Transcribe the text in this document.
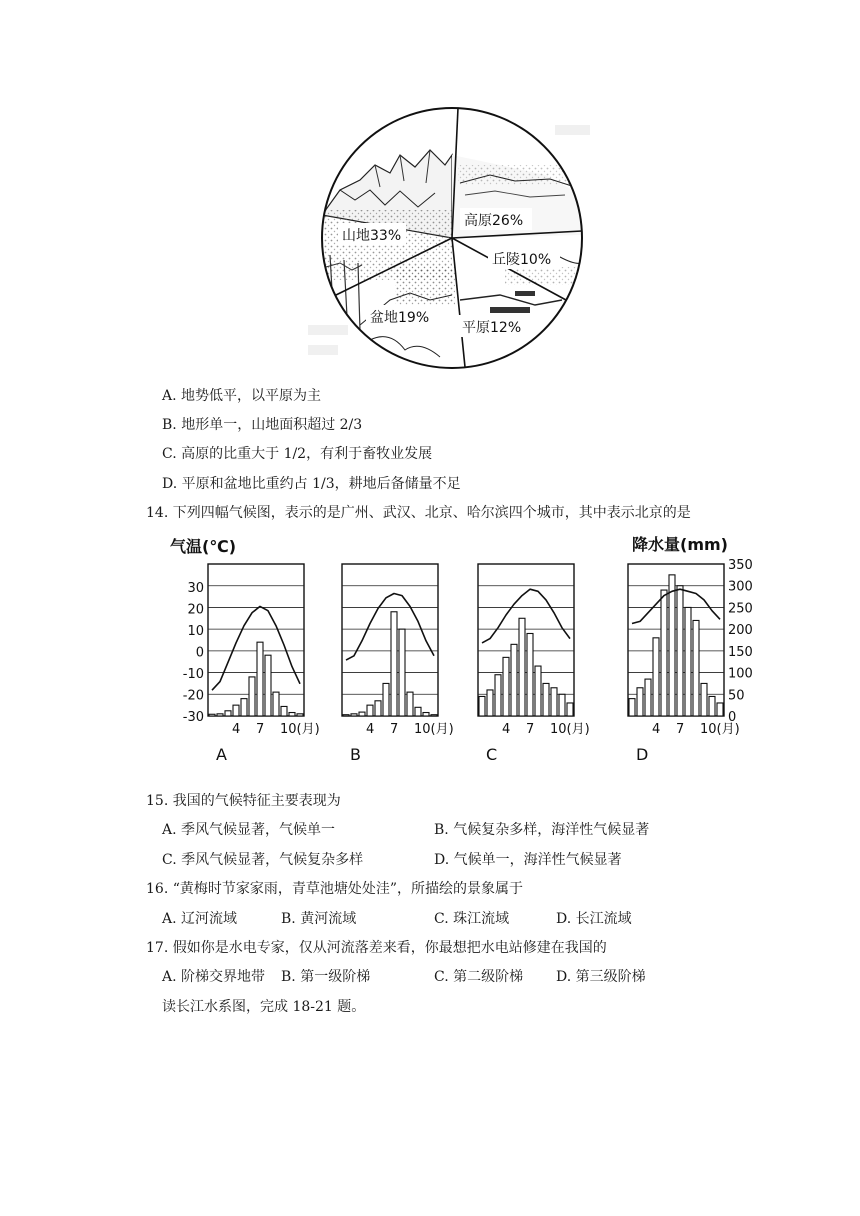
山地33%
高原26%
丘陵10%
平原12%
盆地19%
A. 地势低平，以平原为主
B. 地形单一，山地面积超过 2/3
C. 高原的比重大于 1/2，有利于畜牧业发展
D. 平原和盆地比重约占 1/3，耕地后备储量不足
14. 下列四幅气候图，表示的是广州、武汉、北京、哈尔滨四个城市，其中表示北京的是
气温(℃)	降水量(mm)
30
20
10
0
-10
-20
-30
350
300
250
200
150
100
50
0
4 7 10(月)
A
4 7 10(月)
B
4 7 10(月)
C
4 7 10(月)
D
15. 我国的气候特征主要表现为
A. 季风气候显著，气候单一	B. 气候复杂多样，海洋性气候显著
C. 季风气候显著，气候复杂多样	D. 气候单一，海洋性气候显著
16. “黄梅时节家家雨，青草池塘处处洼”，所描绘的景象属于
A. 辽河流域	B. 黄河流域	C. 珠江流域	D. 长江流域
17. 假如你是水电专家，仅从河流落差来看，你最想把水电站修建在我国的
A. 阶梯交界地带 B. 第一级阶梯	C. 第二级阶梯 D. 第三级阶梯
读长江水系图，完成 18-21 题。
